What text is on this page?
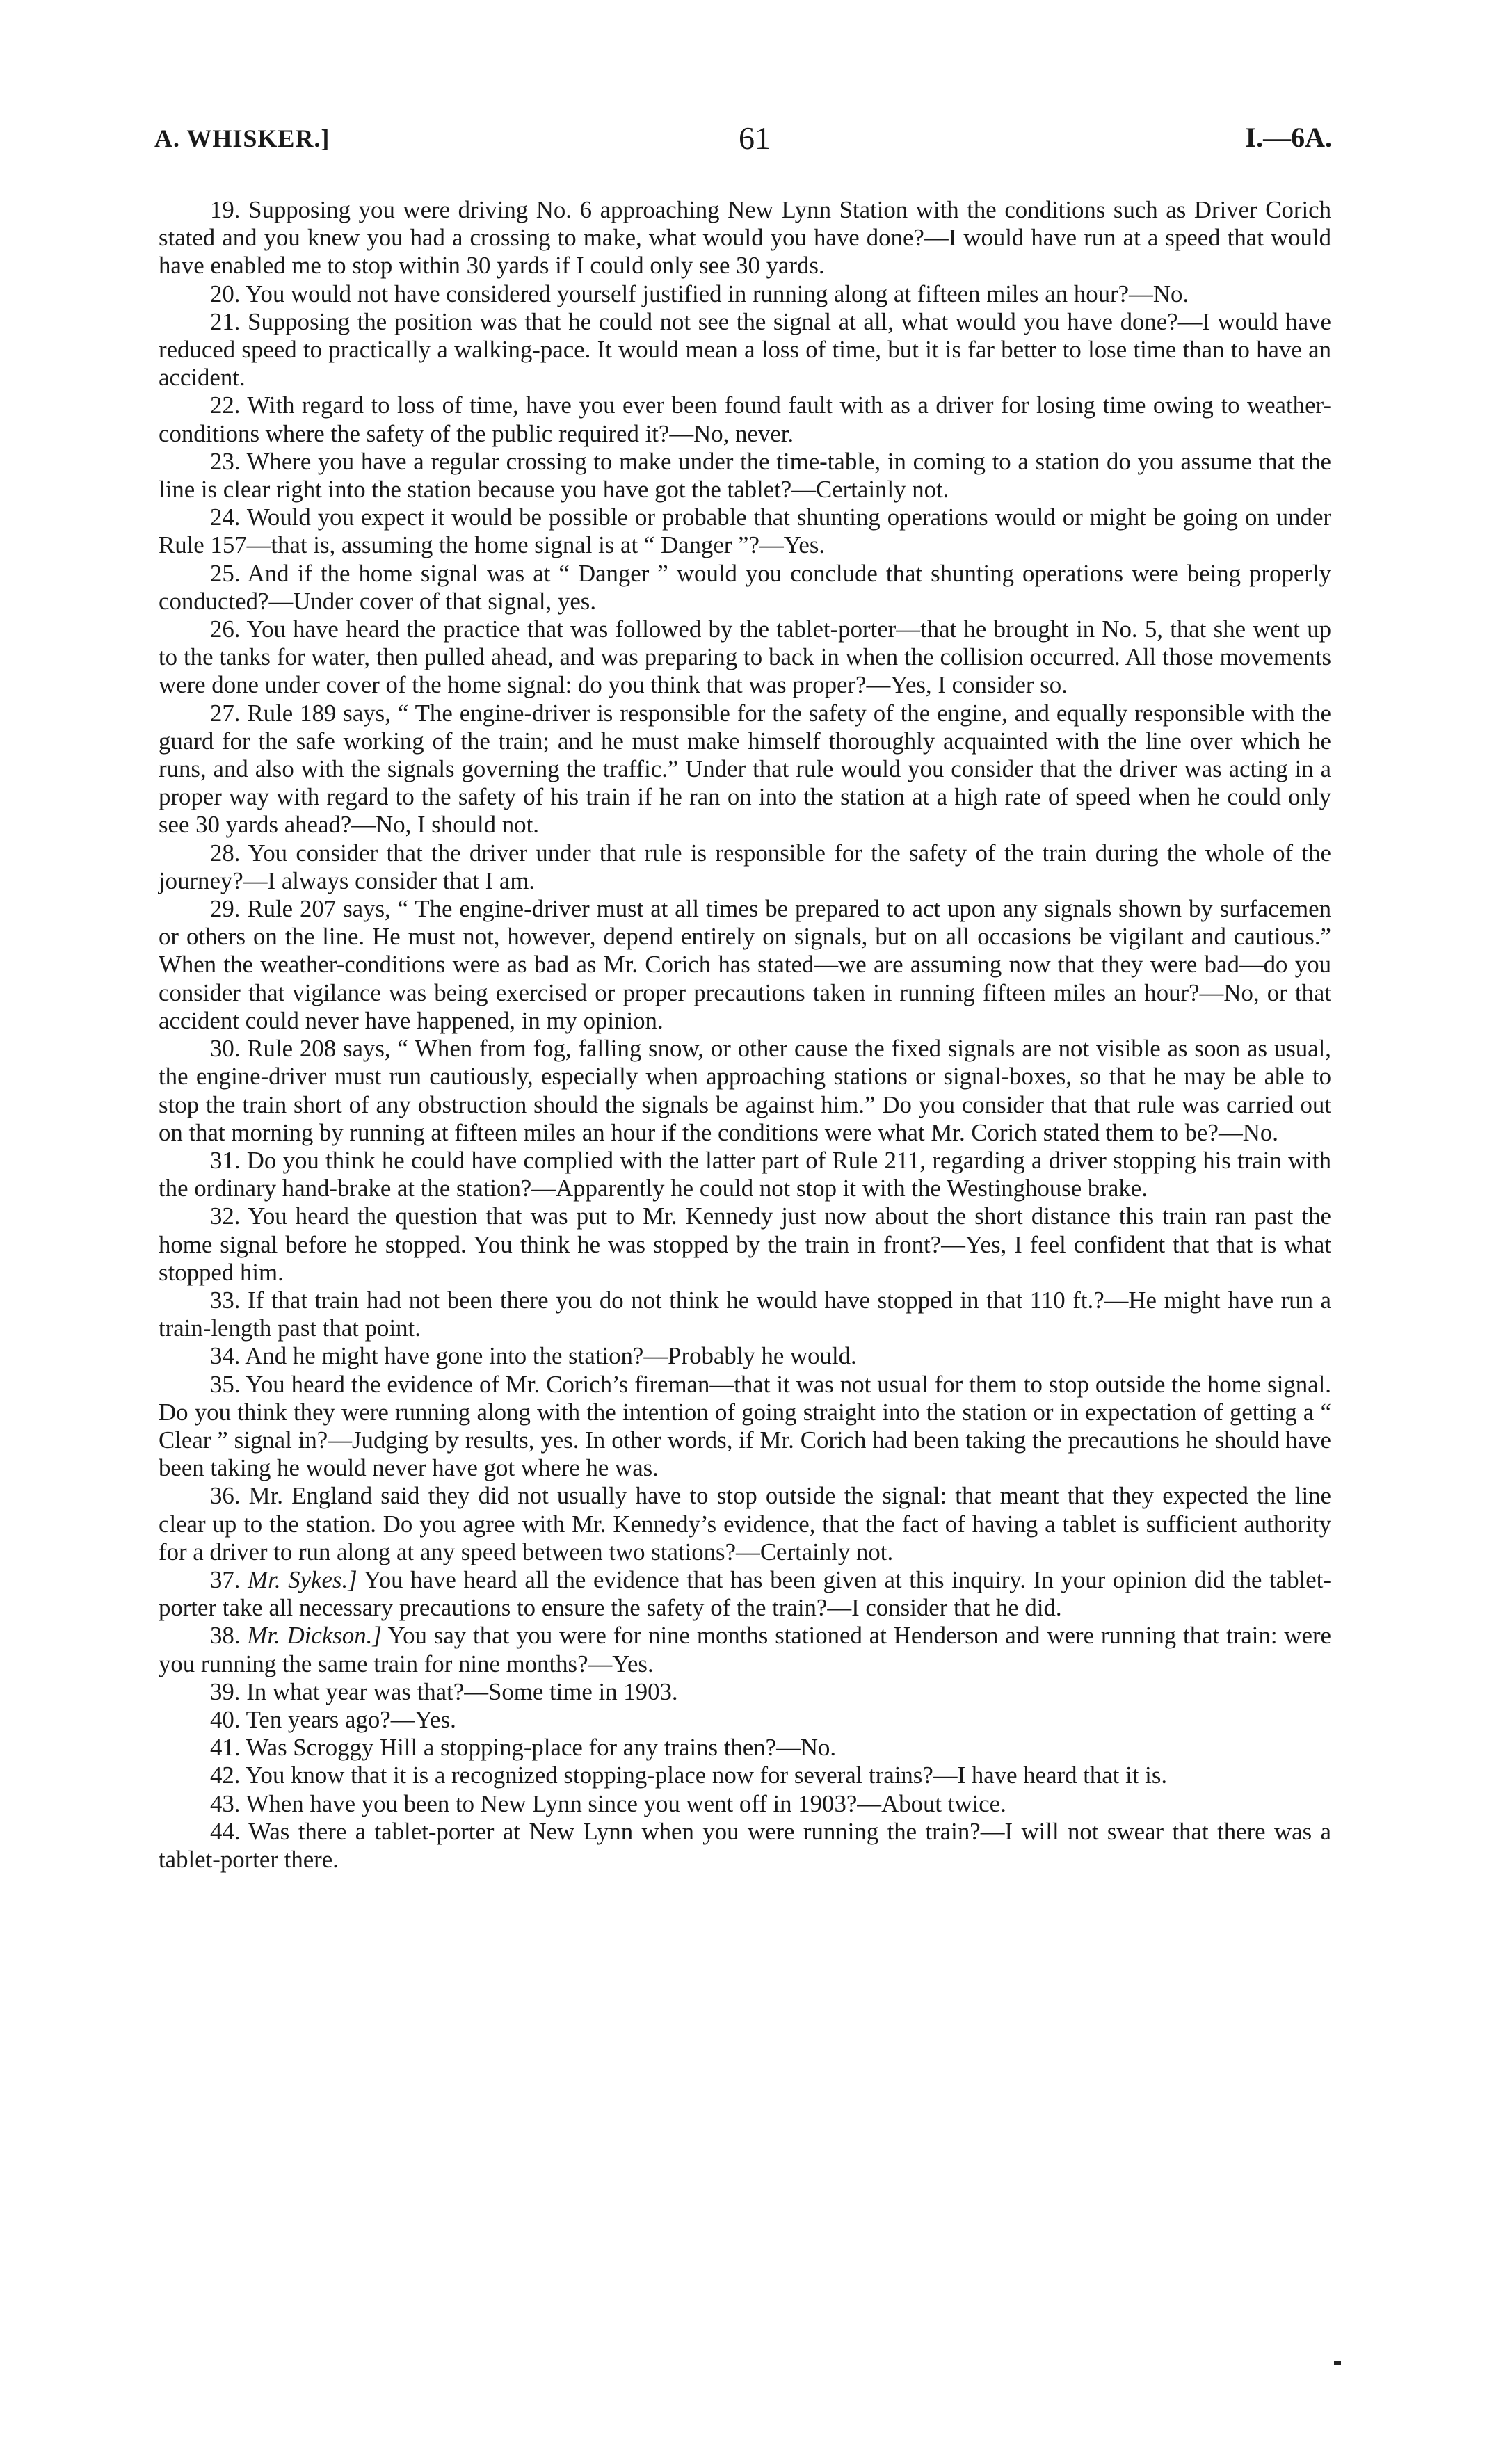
A. WHISKER.]	61	I.—6A.

19. Supposing you were driving No. 6 approaching New Lynn Station with the conditions such as Driver Corich stated and you knew you had a crossing to make, what would you have done?—I would have run at a speed that would have enabled me to stop within 30 yards if I could only see 30 yards.

20. You would not have considered yourself justified in running along at fifteen miles an hour?—No.

21. Supposing the position was that he could not see the signal at all, what would you have done?—I would have reduced speed to practically a walking-pace. It would mean a loss of time, but it is far better to lose time than to have an accident.

22. With regard to loss of time, have you ever been found fault with as a driver for losing time owing to weather-conditions where the safety of the public required it?—No, never.

23. Where you have a regular crossing to make under the time-table, in coming to a station do you assume that the line is clear right into the station because you have got the tablet?—Certainly not.

24. Would you expect it would be possible or probable that shunting operations would or might be going on under Rule 157—that is, assuming the home signal is at “ Danger ”?—Yes.

25. And if the home signal was at “ Danger ” would you conclude that shunting operations were being properly conducted?—Under cover of that signal, yes.

26. You have heard the practice that was followed by the tablet-porter—that he brought in No. 5, that she went up to the tanks for water, then pulled ahead, and was preparing to back in when the collision occurred. All those movements were done under cover of the home signal: do you think that was proper?—Yes, I consider so.

27. Rule 189 says, “ The engine-driver is responsible for the safety of the engine, and equally responsible with the guard for the safe working of the train; and he must make himself thoroughly acquainted with the line over which he runs, and also with the signals governing the traffic.” Under that rule would you consider that the driver was acting in a proper way with regard to the safety of his train if he ran on into the station at a high rate of speed when he could only see 30 yards ahead?—No, I should not.

28. You consider that the driver under that rule is responsible for the safety of the train during the whole of the journey?—I always consider that I am.

29. Rule 207 says, “ The engine-driver must at all times be prepared to act upon any signals shown by surfacemen or others on the line. He must not, however, depend entirely on signals, but on all occasions be vigilant and cautious.” When the weather-conditions were as bad as Mr. Corich has stated—we are assuming now that they were bad—do you consider that vigilance was being exercised or proper precautions taken in running fifteen miles an hour?—No, or that accident could never have happened, in my opinion.

30. Rule 208 says, “ When from fog, falling snow, or other cause the fixed signals are not visible as soon as usual, the engine-driver must run cautiously, especially when approaching stations or signal-boxes, so that he may be able to stop the train short of any obstruction should the signals be against him.” Do you consider that that rule was carried out on that morning by running at fifteen miles an hour if the conditions were what Mr. Corich stated them to be?—No.

31. Do you think he could have complied with the latter part of Rule 211, regarding a driver stopping his train with the ordinary hand-brake at the station?—Apparently he could not stop it with the Westinghouse brake.

32. You heard the question that was put to Mr. Kennedy just now about the short distance this train ran past the home signal before he stopped. You think he was stopped by the train in front?—Yes, I feel confident that that is what stopped him.

33. If that train had not been there you do not think he would have stopped in that 110 ft.?—He might have run a train-length past that point.

34. And he might have gone into the station?—Probably he would.

35. You heard the evidence of Mr. Corich’s fireman—that it was not usual for them to stop outside the home signal. Do you think they were running along with the intention of going straight into the station or in expectation of getting a “ Clear ” signal in?—Judging by results, yes. In other words, if Mr. Corich had been taking the precautions he should have been taking he would never have got where he was.

36. Mr. England said they did not usually have to stop outside the signal: that meant that they expected the line clear up to the station. Do you agree with Mr. Kennedy’s evidence, that the fact of having a tablet is sufficient authority for a driver to run along at any speed between two stations?—Certainly not.

37. Mr. Sykes.] You have heard all the evidence that has been given at this inquiry. In your opinion did the tablet-porter take all necessary precautions to ensure the safety of the train?—I consider that he did.

38. Mr. Dickson.] You say that you were for nine months stationed at Henderson and were running that train: were you running the same train for nine months?—Yes.

39. In what year was that?—Some time in 1903.

40. Ten years ago?—Yes.

41. Was Scroggy Hill a stopping-place for any trains then?—No.

42. You know that it is a recognized stopping-place now for several trains?—I have heard that it is.

43. When have you been to New Lynn since you went off in 1903?—About twice.

44. Was there a tablet-porter at New Lynn when you were running the train?—I will not swear that there was a tablet-porter there.
